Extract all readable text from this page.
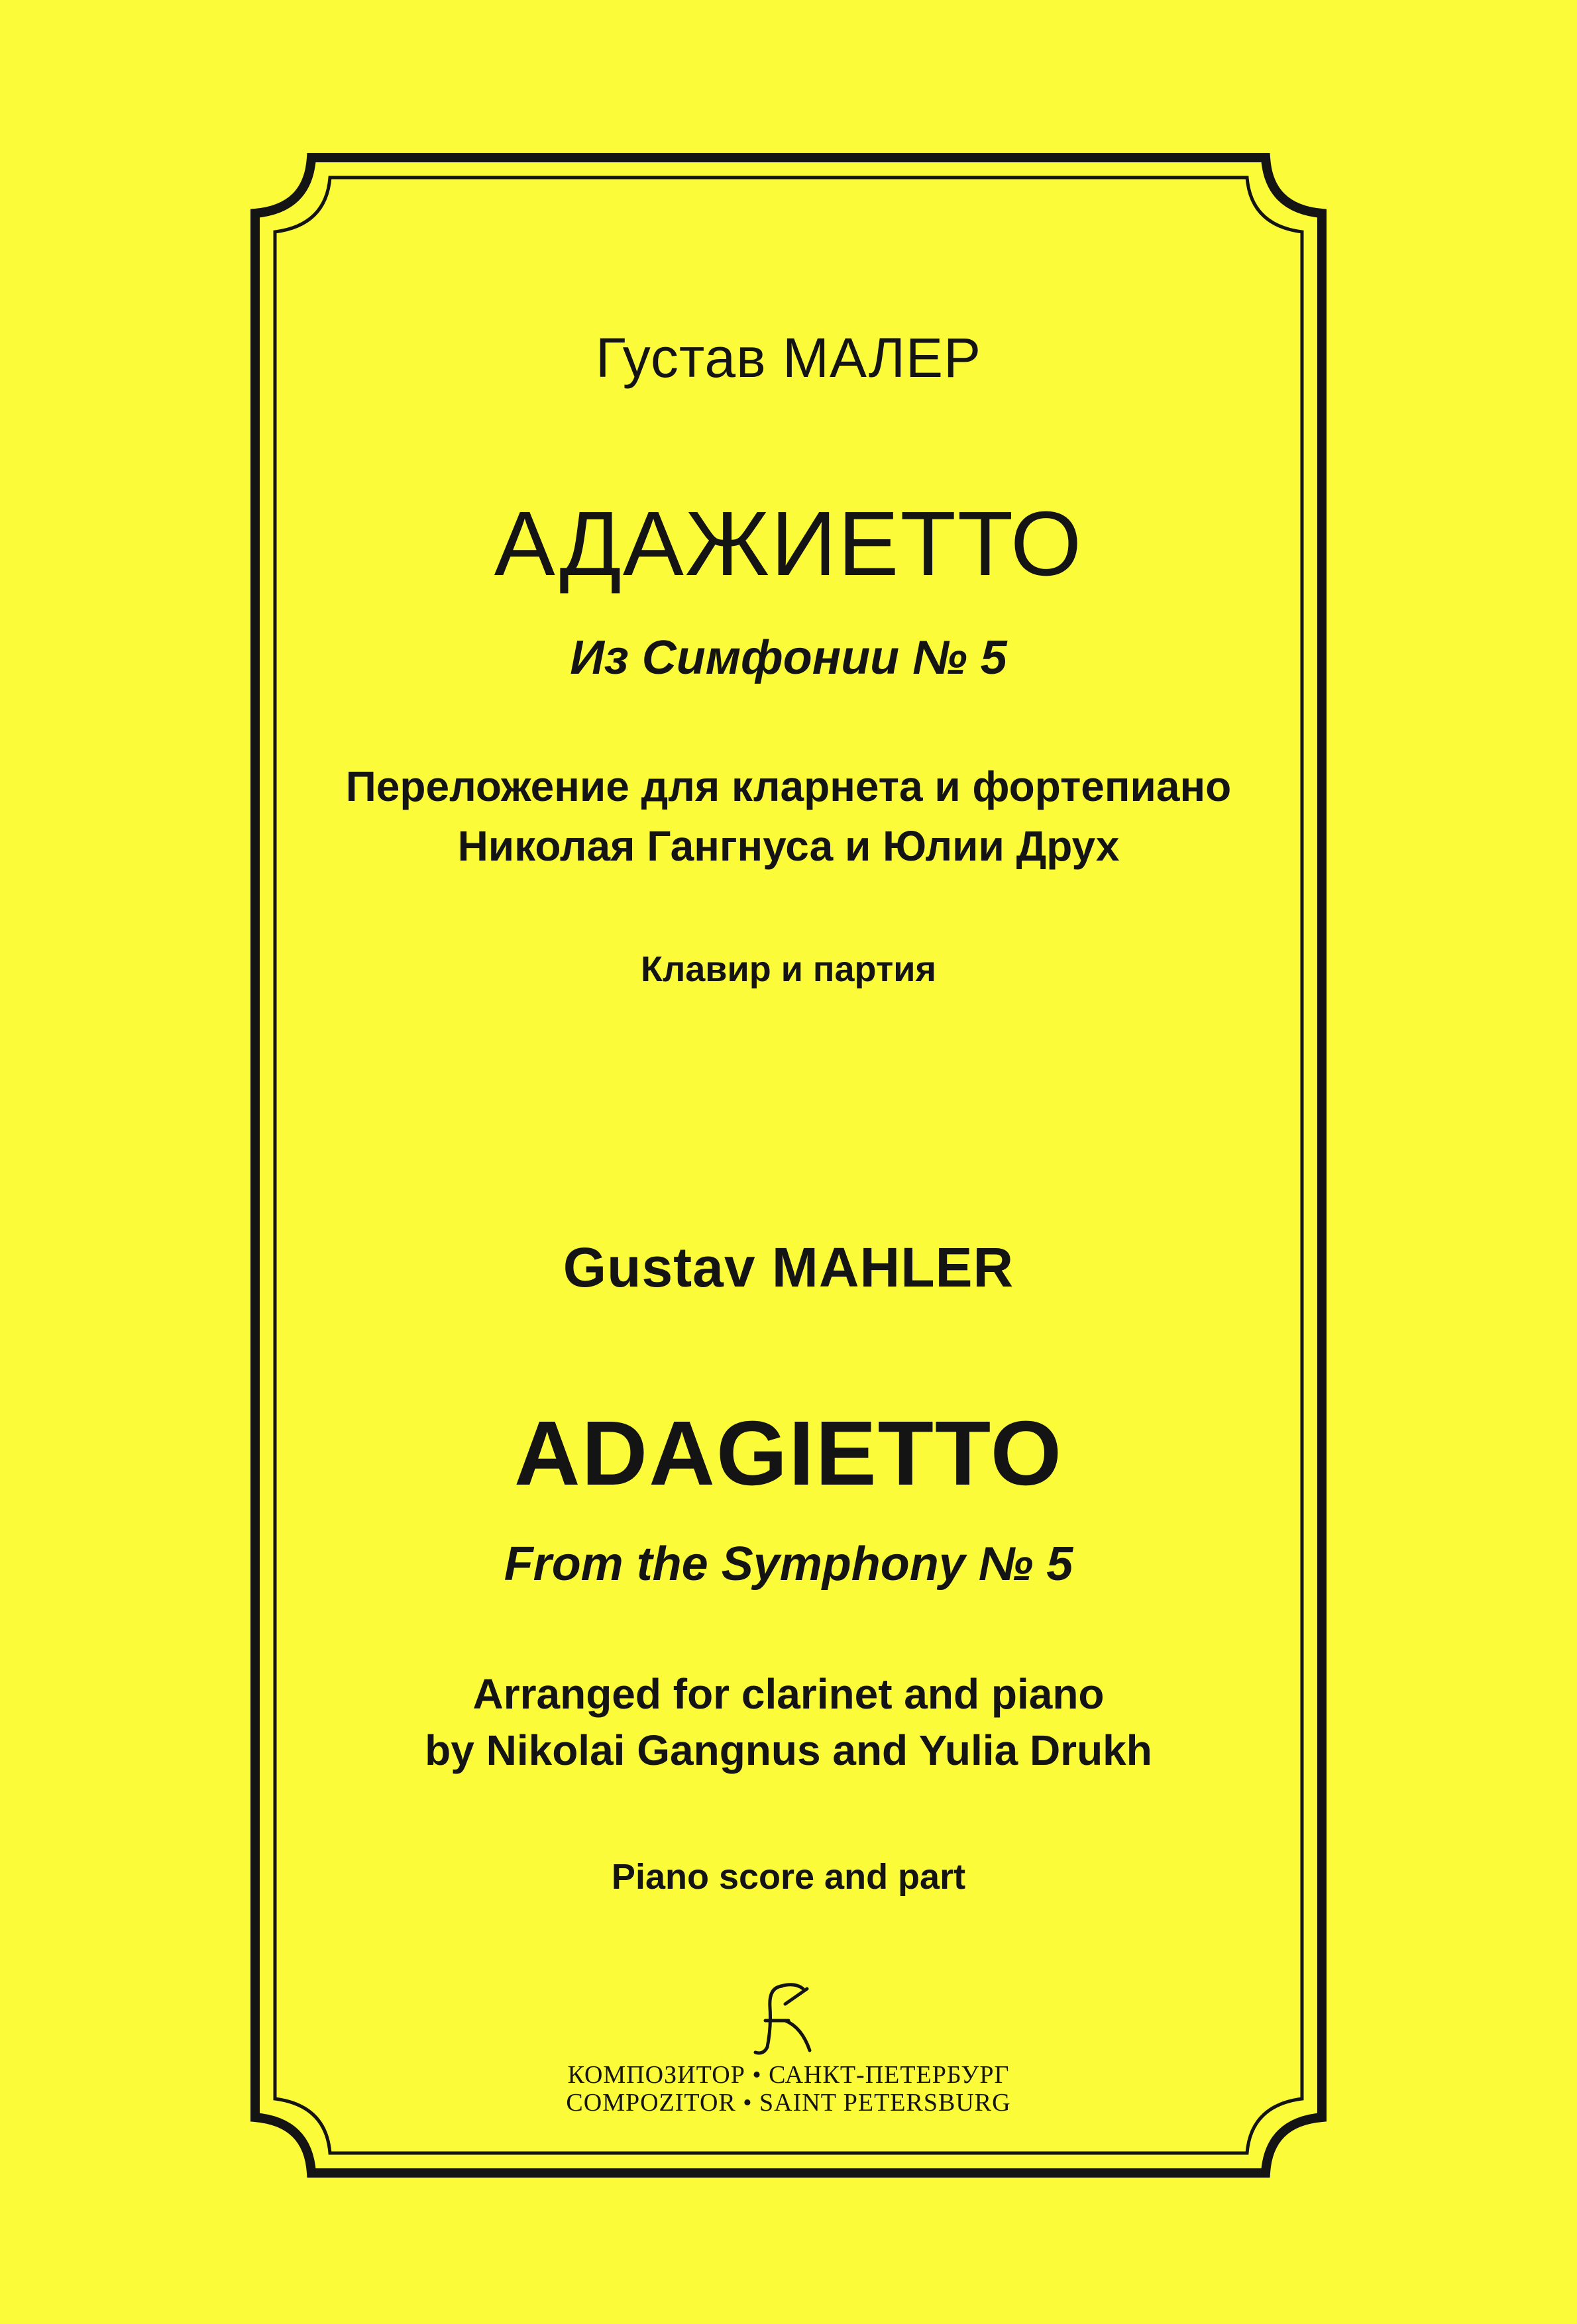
Густав МАЛЕР
АДАЖИЕТТО
Из Симфонии № 5
Переложение для кларнета и фортепиано
Николая Гангнуса и Юлии Друх
Клавир и партия
Gustav MAHLER
ADAGIETTO
From the Symphony № 5
Arranged for clarinet and piano
by Nikolai Gangnus and Yulia Drukh
Piano score and part
КОМПОЗИТОР • САНКТ-ПЕТЕРБУРГ
COMPOZITOR • SAINT PETERSBURG
